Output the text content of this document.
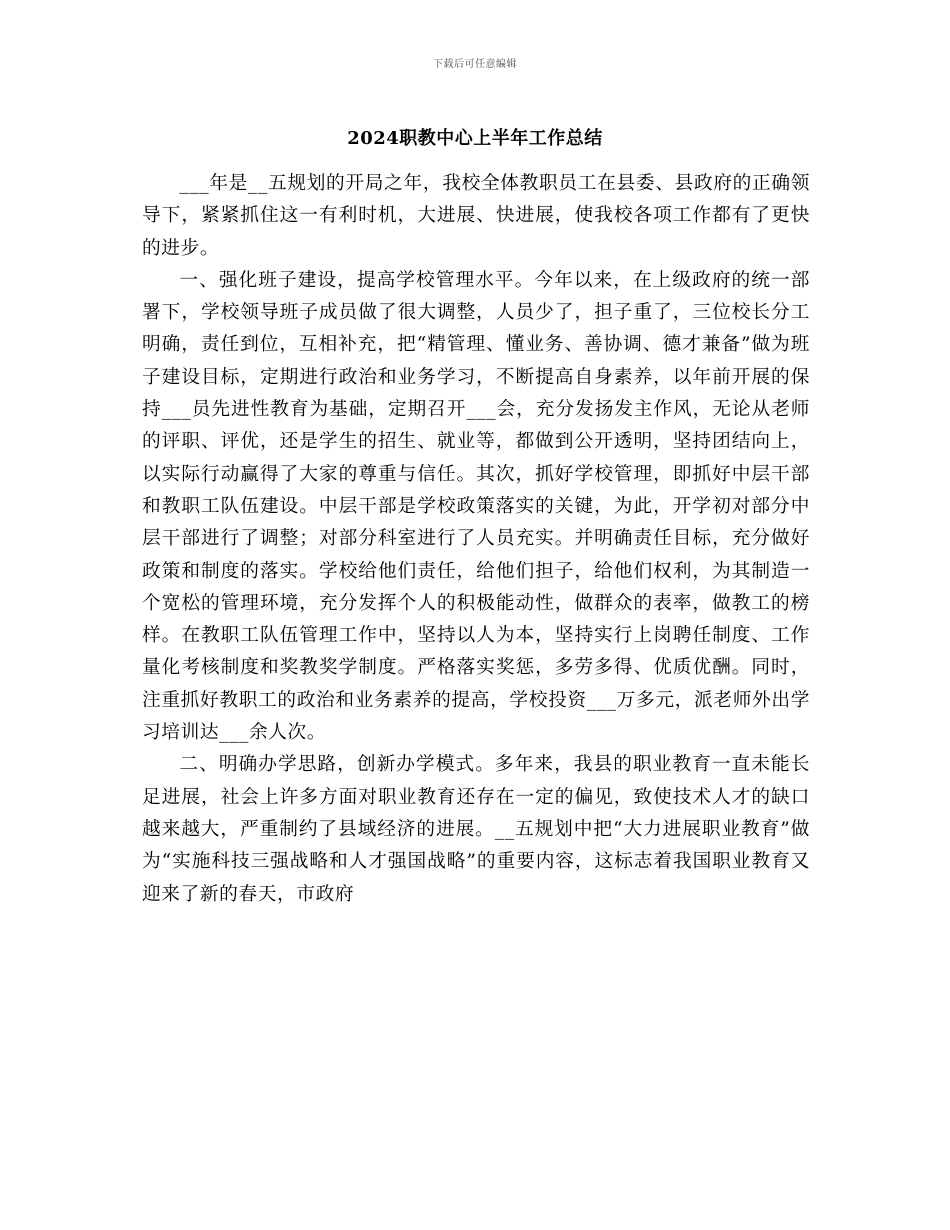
下载后可任意编辑
2024职教中心上半年工作总结

___年是__五规划的开局之年，我校全体教职员工在县委、县政府的正确领导下，紧紧抓住这一有利时机，大进展、快进展，使我校各项工作都有了更快的进步。

一、强化班子建设，提高学校管理水平。今年以来，在上级政府的统一部署下，学校领导班子成员做了很大调整，人员少了，担子重了，三位校长分工明确，责任到位，互相补充，把“精管理、懂业务、善协调、德才兼备”做为班子建设目标，定期进行政治和业务学习，不断提高自身素养，以年前开展的保持___员先进性教育为基础，定期召开___会，充分发扬发主作风，无论从老师的评职、评优，还是学生的招生、就业等，都做到公开透明，坚持团结向上，以实际行动赢得了大家的尊重与信任。其次，抓好学校管理，即抓好中层干部和教职工队伍建设。中层干部是学校政策落实的关键，为此，开学初对部分中层干部进行了调整；对部分科室进行了人员充实。并明确责任目标，充分做好政策和制度的落实。学校给他们责任，给他们担子，给他们权利，为其制造一个宽松的管理环境，充分发挥个人的积极能动性，做群众的表率，做教工的榜样。在教职工队伍管理工作中，坚持以人为本，坚持实行上岗聘任制度、工作量化考核制度和奖教奖学制度。严格落实奖惩，多劳多得、优质优酬。同时，注重抓好教职工的政治和业务素养的提高，学校投资___万多元，派老师外出学习培训达___余人次。

二、明确办学思路，创新办学模式。多年来，我县的职业教育一直未能长足进展，社会上许多方面对职业教育还存在一定的偏见，致使技术人才的缺口越来越大，严重制约了县域经济的进展。__五规划中把“大力进展职业教育”做为“实施科技三强战略和人才强国战略”的重要内容，这标志着我国职业教育又迎来了新的春天，市政府
